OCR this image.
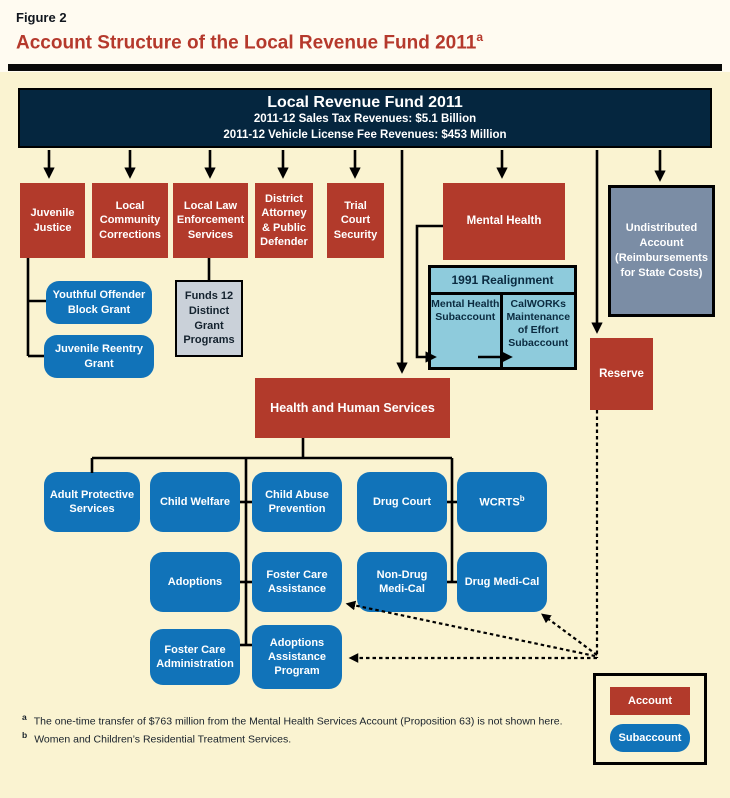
Figure 2
Account Structure of the Local Revenue Fund 2011$^a$
Local Revenue Fund 2011
2011-12 Sales Tax Revenues: $5.1 Billion
2011-12 Vehicle License Fee Revenues: $453 Million
Juvenile Justice
Local Community Corrections
Local Law Enforcement Services
District Attorney & Public Defender
Trial Court Security
Mental Health
Undistributed Account (Reimbursements for State Costs)
Youthful Offender Block Grant
Juvenile Reentry Grant
Funds 12 Distinct Grant Programs
1991 Realignment
Mental Health Subaccount
CalWORKs Maintenance of Effort Subaccount
Reserve
Health and Human Services
Adult Protective Services
Child Welfare
Child Abuse Prevention
Drug Court	WCRTS$^b$
Adoptions
Foster Care Assistance
Non-Drug Medi-Cal
Drug Medi-Cal
Foster Care Administration
Adoptions Assistance Program
Account
Subaccount
$^a$ The one-time transfer of $763 million from the Mental Health Services Account (Proposition 63) is not shown here.
$^b$ Women and Children’s Residential Treatment Services.
